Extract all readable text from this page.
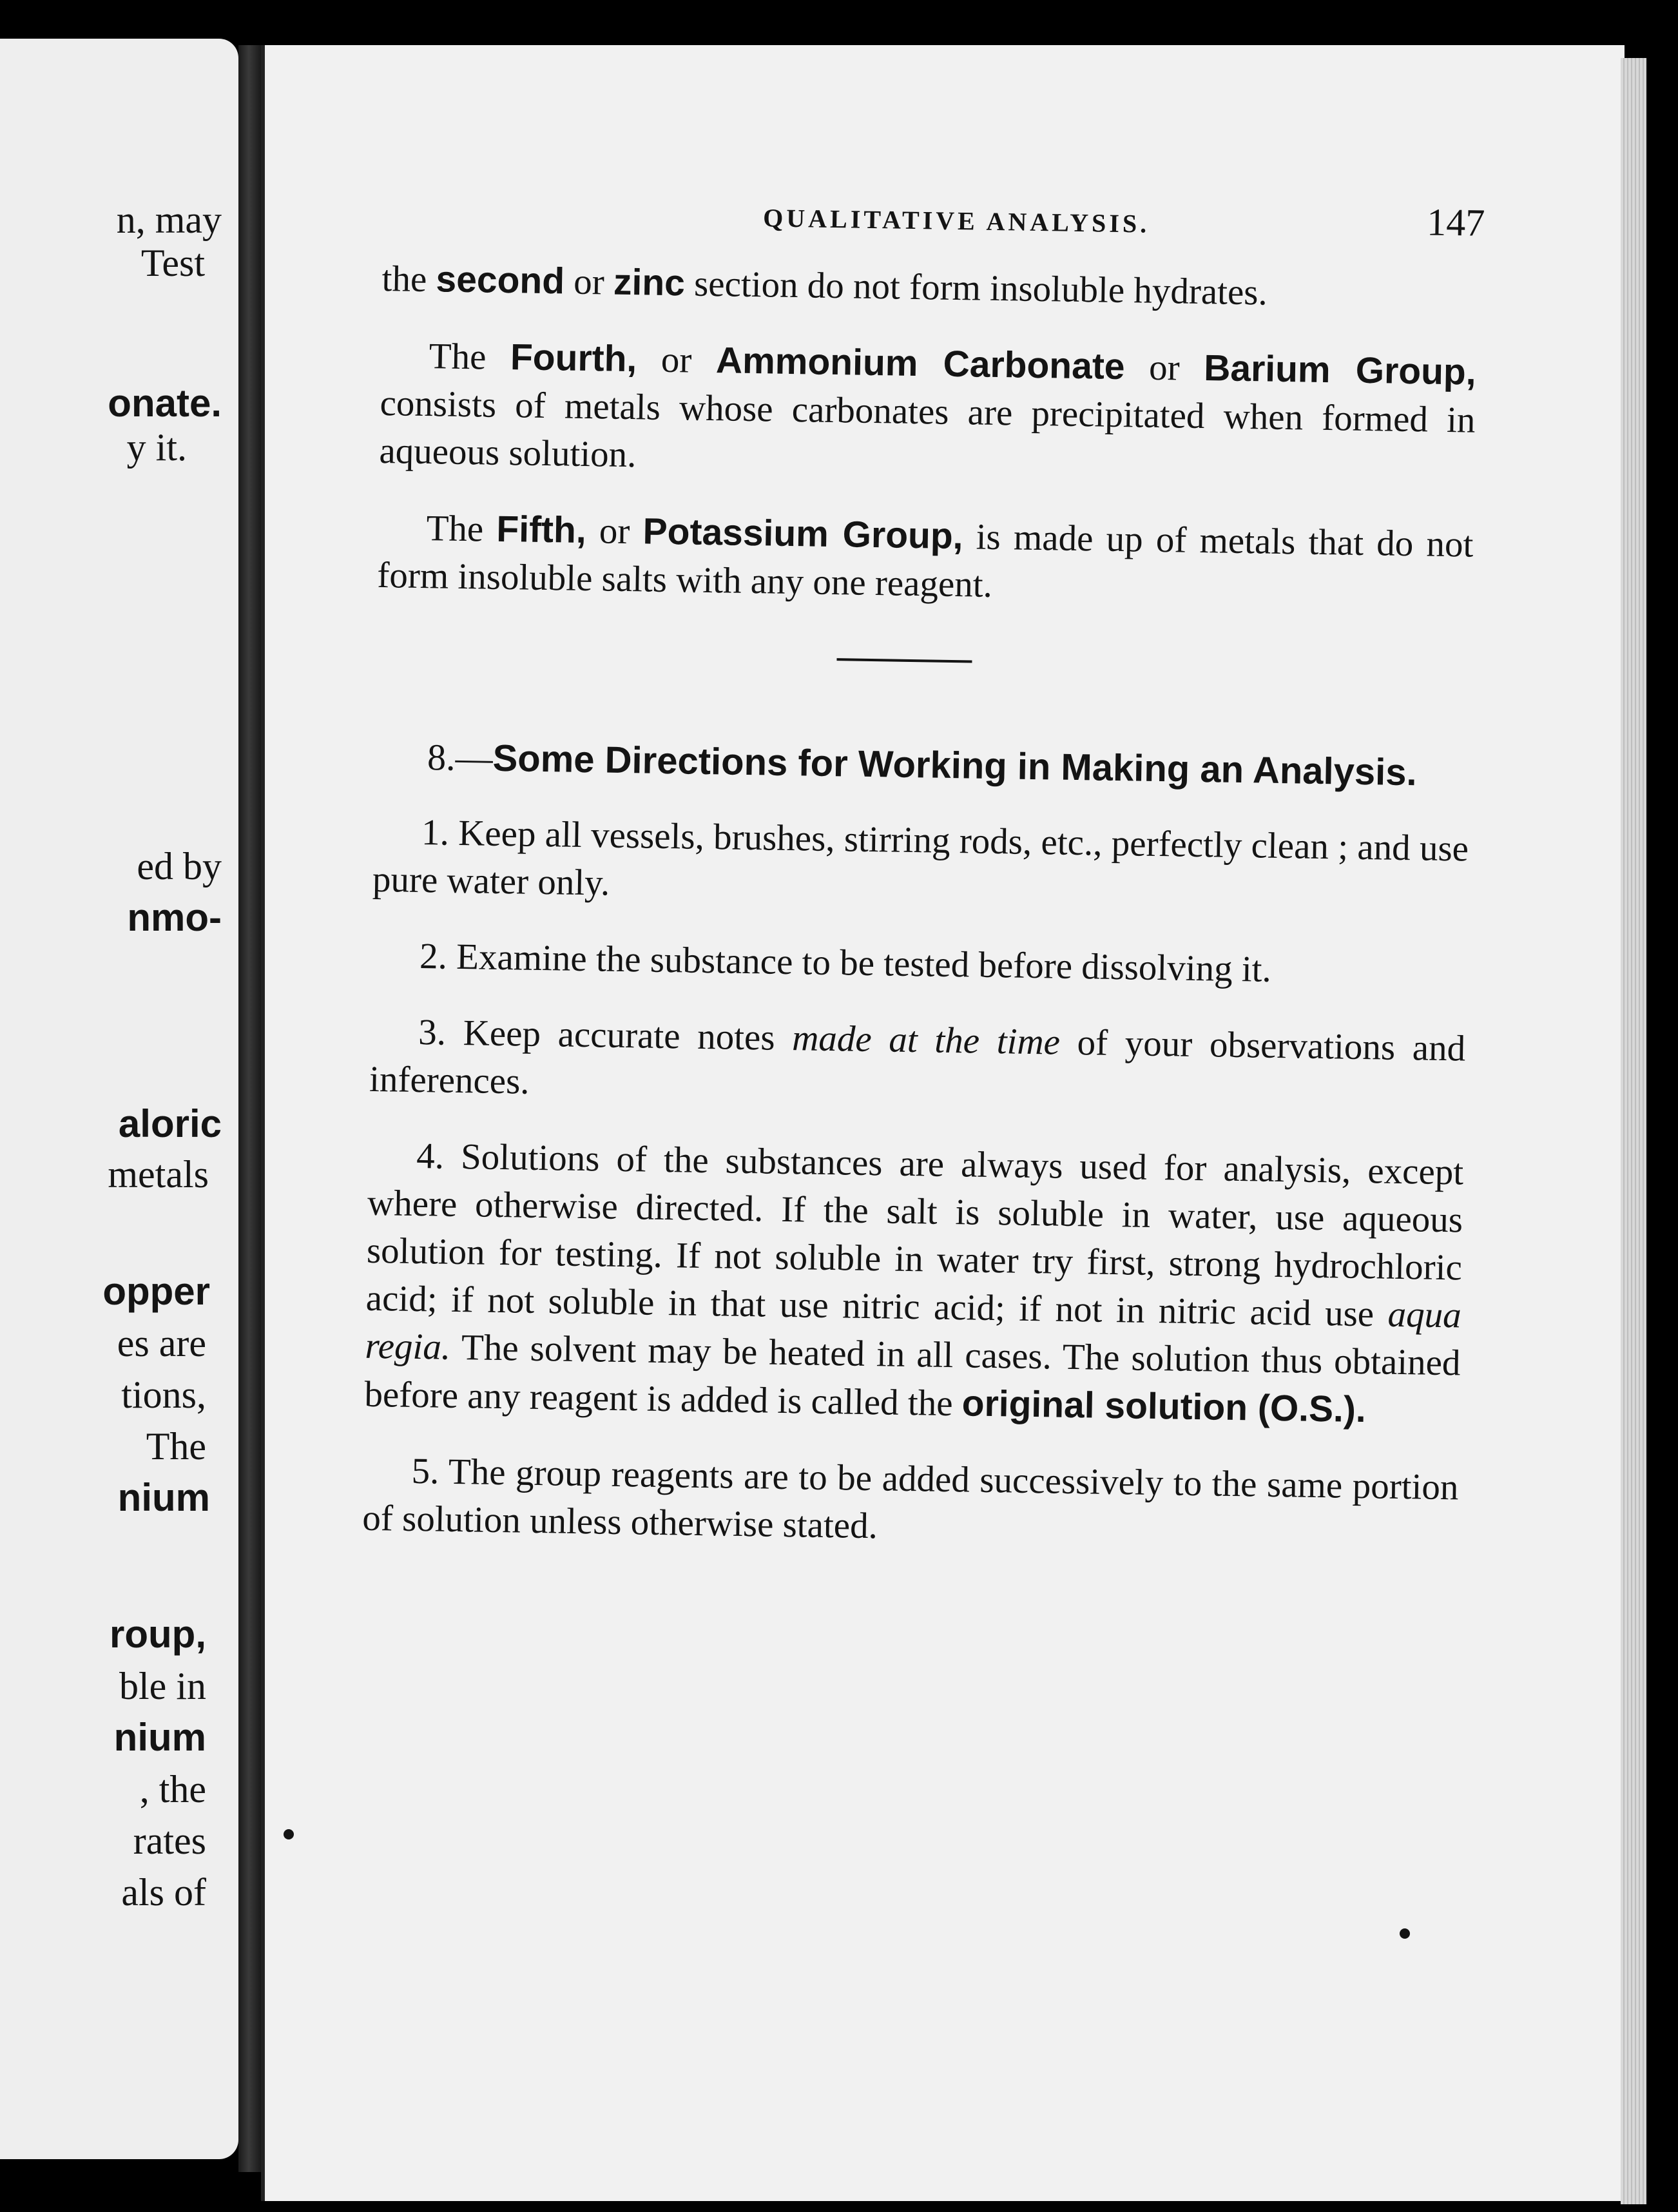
n, may
Test
onate.
y it.
ed by
nmo-
aloric
metals
opper
es are
tions,
The
nium
roup,
ble in
nium
, the
rates
als of
QUALITATIVE ANALYSIS.	147

the second or zinc section do not form insoluble hydrates.

The Fourth, or Ammonium Carbonate or Barium Group, consists of metals whose carbonates are precipitated when formed in aqueous solution.

The Fifth, or Potassium Group, is made up of metals that do not form insoluble salts with any one reagent.

8.—Some Directions for Working in Making an Analysis.

1. Keep all vessels, brushes, stirring rods, etc., perfectly clean ; and use pure water only.

2. Examine the substance to be tested before dissolving it.

3. Keep accurate notes made at the time of your observations and inferences.

4. Solutions of the substances are always used for analysis, except where otherwise directed. If the salt is soluble in water, use aqueous solution for testing. If not soluble in water try first, strong hydrochloric acid; if not soluble in that use nitric acid; if not in nitric acid use aqua regia. The solvent may be heated in all cases. The solution thus obtained before any reagent is added is called the original solution (O.S.).

5. The group reagents are to be added successively to the same portion of solution unless otherwise stated.
